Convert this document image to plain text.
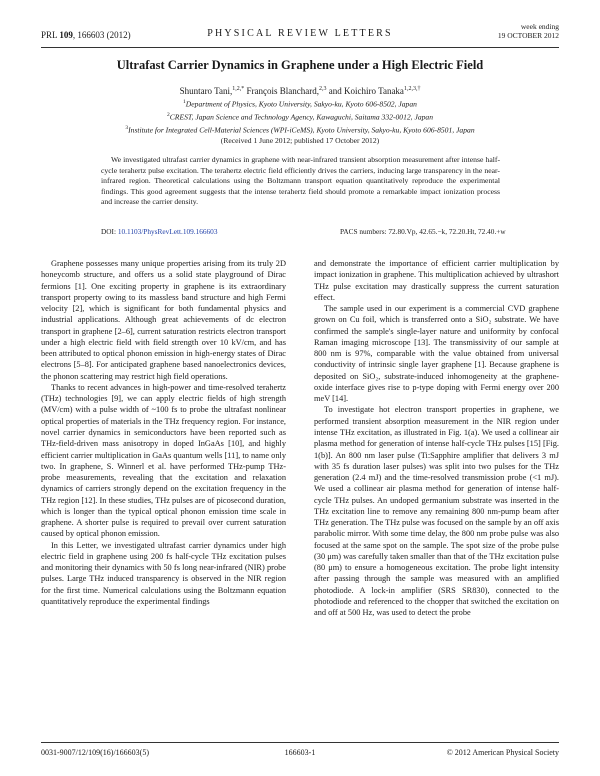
PRL 109, 166603 (2012)	PHYSICAL REVIEW LETTERS
week ending
19 OCTOBER 2012
Ultrafast Carrier Dynamics in Graphene under a High Electric Field
Shuntaro Tani,$^{1,2,*}$ François Blanchard,$^{2,3}$ and Koichiro Tanaka$^{1,2,3,\dagger}$
$^1$Department of Physics, Kyoto University, Sakyo-ku, Kyoto 606-8502, Japan
$^2$CREST, Japan Science and Technology Agency, Kawaguchi, Saitama 332-0012, Japan
$^3$Institute for Integrated Cell-Material Sciences (WPI-iCeMS), Kyoto University, Sakyo-ku, Kyoto 606-8501, Japan
(Received 1 June 2012; published 17 October 2012)
We investigated ultrafast carrier dynamics in graphene with near-infrared transient absorption measurement after intense half-cycle terahertz pulse excitation. The terahertz electric field efficiently drives the carriers, inducing large transparency in the near-infrared region. Theoretical calculations using the Boltzmann transport equation quantitatively reproduce the experimental findings. This good agreement suggests that the intense terahertz field should promote a remarkable impact ionization process and increase the carrier density.
DOI: 10.1103/PhysRevLett.109.166603	PACS numbers: 72.80.Vp, 42.65.−k, 72.20.Ht, 72.40.+w

Graphene possesses many unique properties arising from its truly 2D honeycomb structure, and offers us a solid state playground of Dirac fermions [1]. One exciting property in graphene is its extraordinary transport property owing to its massless band structure and high Fermi velocity [2], which is significant for both fundamental physics and industrial applications. Although great achievements of dc electron transport in graphene [2–6], current saturation restricts electron transport under a high electric field with field strength over 10 kV/cm, and has been attributed to optical phonon emission in high-energy states of Dirac electrons [5–8]. For anticipated graphene based nanoelectronics devices, the phonon scattering may restrict high field operations.

Thanks to recent advances in high-power and time-resolved terahertz (THz) technologies [9], we can apply electric fields of high strength (MV/cm) with a pulse width of ~100 fs to probe the ultrafast nonlinear optical properties of materials in the THz frequency region. For instance, novel carrier dynamics in semiconductors have been reported such as THz-field-driven mass anisotropy in doped InGaAs [10], and highly efficient carrier multiplication in GaAs quantum wells [11], to name only two. In graphene, S. Winnerl et al. have performed THz-pump THz-probe measurements, revealing that the excitation and relaxation dynamics of carriers strongly depend on the excitation frequency in the THz region [12]. In these studies, THz pulses are of picosecond duration, which is longer than the typical optical phonon emission time scale in graphene. A shorter pulse is required to prevail over current saturation caused by optical phonon emission.

In this Letter, we investigated ultrafast carrier dynamics under high electric field in graphene using 200 fs half-cycle THz excitation pulses and monitoring their dynamics with 50 fs long near-infrared (NIR) probe pulses. Large THz induced transparency is observed in the NIR region for the first time. Numerical calculations using the Boltzmann equation quantitatively reproduce the experimental findings

and demonstrate the importance of efficient carrier multiplication by impact ionization in graphene. This multiplication achieved by ultrashort THz pulse excitation may drastically suppress the current saturation effect.

The sample used in our experiment is a commercial CVD graphene grown on Cu foil, which is transferred onto a SiO₂ substrate. We have confirmed the sample's single-layer nature and uniformity by confocal Raman imaging microscope [13]. The transmissivity of our sample at 800 nm is 97%, comparable with the value obtained from universal conductivity of intrinsic single layer graphene [1]. Because graphene is deposited on SiO₂, substrate-induced inhomogeneity at the graphene-oxide interface gives rise to p-type doping with Fermi energy over 200 meV [14].

To investigate hot electron transport properties in graphene, we performed transient absorption measurement in the NIR region under intense THz excitation, as illustrated in Fig. 1(a). We used a collinear air plasma method for generation of intense half-cycle THz pulses [15] [Fig. 1(b)]. An 800 nm laser pulse (Ti:Sapphire amplifier that delivers 3 mJ with 35 fs duration laser pulses) was split into two pulses for the THz generation (2.4 mJ) and the time-resolved transmission probe (<1 mJ). We used a collinear air plasma method for generation of intense half-cycle THz pulses. An undoped germanium substrate was inserted in the THz excitation line to remove any remaining 800 nm-pump beam after THz generation. The THz pulse was focused on the sample by an off axis parabolic mirror. With some time delay, the 800 nm probe pulse was also focused at the same spot on the sample. The spot size of the probe pulse (30 μm) was carefully taken smaller than that of the THz excitation pulse (80 μm) to ensure a homogeneous excitation. The probe light intensity after passing through the sample was measured with an amplified photodiode. A lock-in amplifier (SRS SR830), connected to the photodiode and referenced to the chopper that switched the excitation on and off at 500 Hz, was used to detect the probe

0031-9007/12/109(16)/166603(5)	166603-1	© 2012 American Physical Society
